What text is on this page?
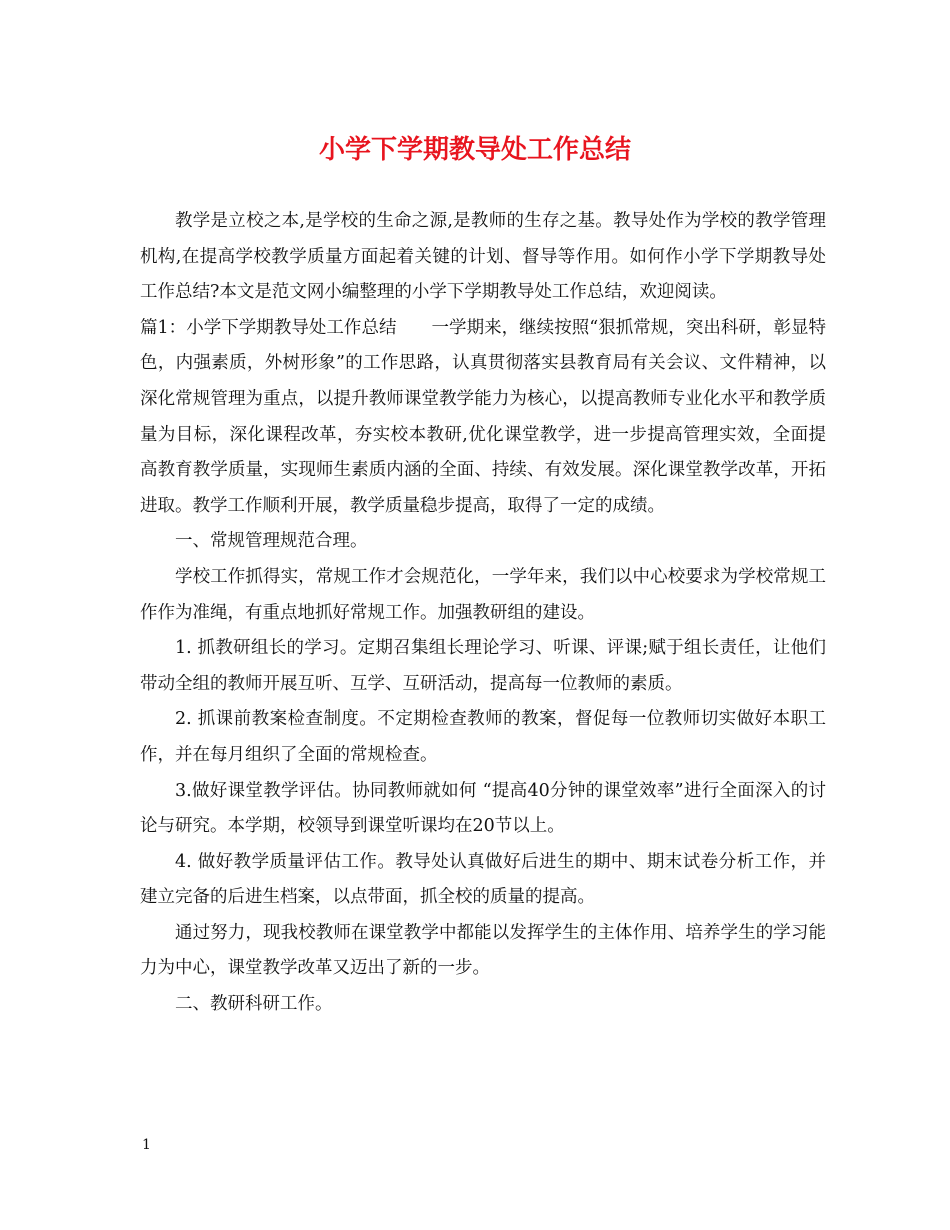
小学下学期教导处工作总结

教学是立校之本,是学校的生命之源,是教师的生存之基。教导处作为学校的教学管理机构,在提高学校教学质量方面起着关键的计划、督导等作用。如何作小学下学期教导处工作总结?本文是范文网小编整理的小学下学期教导处工作总结，欢迎阅读。

篇1：小学下学期教导处工作总结　　一学期来，继续按照“狠抓常规，突出科研，彰显特色，内强素质，外树形象”的工作思路，认真贯彻落实县教育局有关会议、文件精神，以深化常规管理为重点，以提升教师课堂教学能力为核心，以提高教师专业化水平和教学质量为目标，深化课程改革，夯实校本教研,优化课堂教学，进一步提高管理实效，全面提高教育教学质量，实现师生素质内涵的全面、持续、有效发展。深化课堂教学改革，开拓进取。教学工作顺利开展，教学质量稳步提高，取得了一定的成绩。

一、常规管理规范合理。

学校工作抓得实，常规工作才会规范化，一学年来，我们以中心校要求为学校常规工作作为准绳，有重点地抓好常规工作。加强教研组的建设。

1. 抓教研组长的学习。定期召集组长理论学习、听课、评课;赋于组长责任，让他们带动全组的教师开展互听、互学、互研活动，提高每一位教师的素质。

2. 抓课前教案检查制度。不定期检查教师的教案，督促每一位教师切实做好本职工作，并在每月组织了全面的常规检查。

3.做好课堂教学评估。协同教师就如何 “提高40分钟的课堂效率”进行全面深入的讨论与研究。本学期，校领导到课堂听课均在20节以上。

4. 做好教学质量评估工作。教导处认真做好后进生的期中、期末试卷分析工作，并建立完备的后进生档案，以点带面，抓全校的质量的提高。

通过努力，现我校教师在课堂教学中都能以发挥学生的主体作用、培养学生的学习能力为中心，课堂教学改革又迈出了新的一步。

二、教研科研工作。

1
